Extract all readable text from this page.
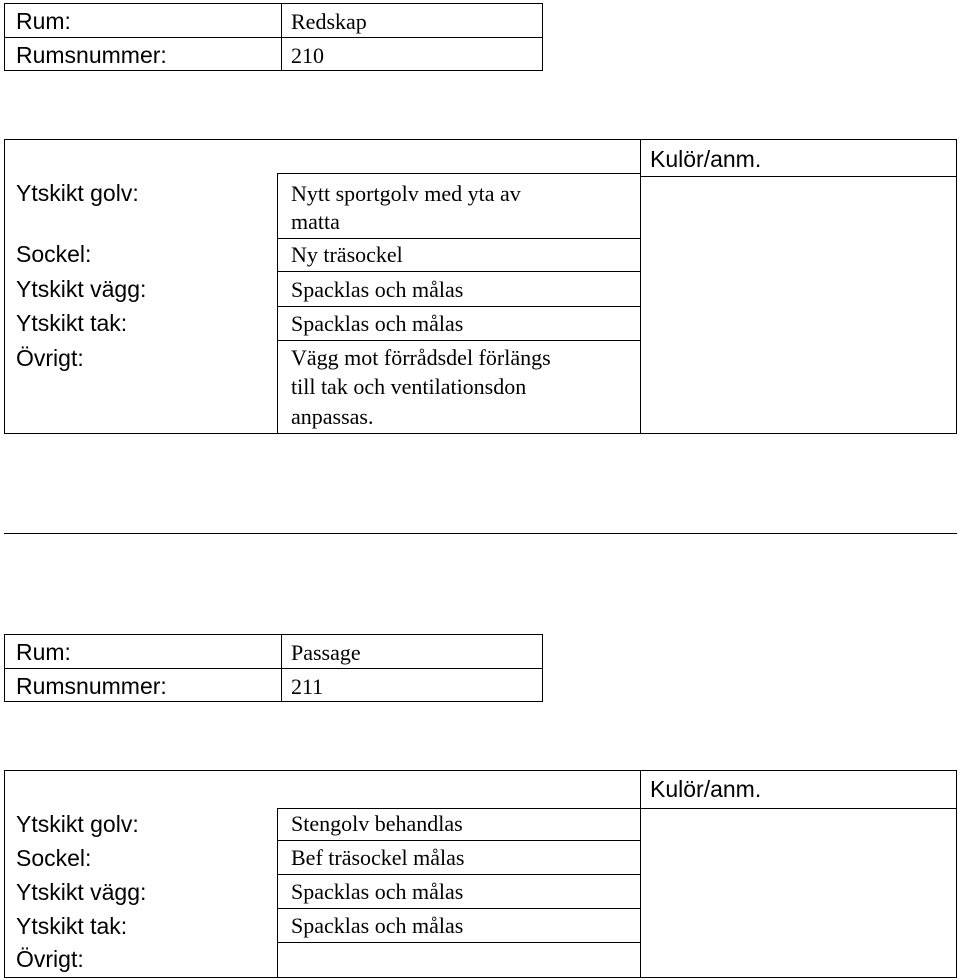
Rum:	Redskap
Rumsnummer:	210
Kulör/anm.
Ytskikt golv:	Nytt sportgolv med yta av
matta
Sockel:	Ny träsockel
Ytskikt vägg:	Spacklas och målas
Ytskikt tak:	Spacklas och målas
Övrigt:	Vägg mot förrådsdel förlängs
till tak och ventilationsdon
anpassas.
Rum:	Passage
Rumsnummer:	211
Kulör/anm.
Ytskikt golv:	Stengolv behandlas
Sockel:	Bef träsockel målas
Ytskikt vägg:	Spacklas och målas
Ytskikt tak:	Spacklas och målas
Övrigt:
